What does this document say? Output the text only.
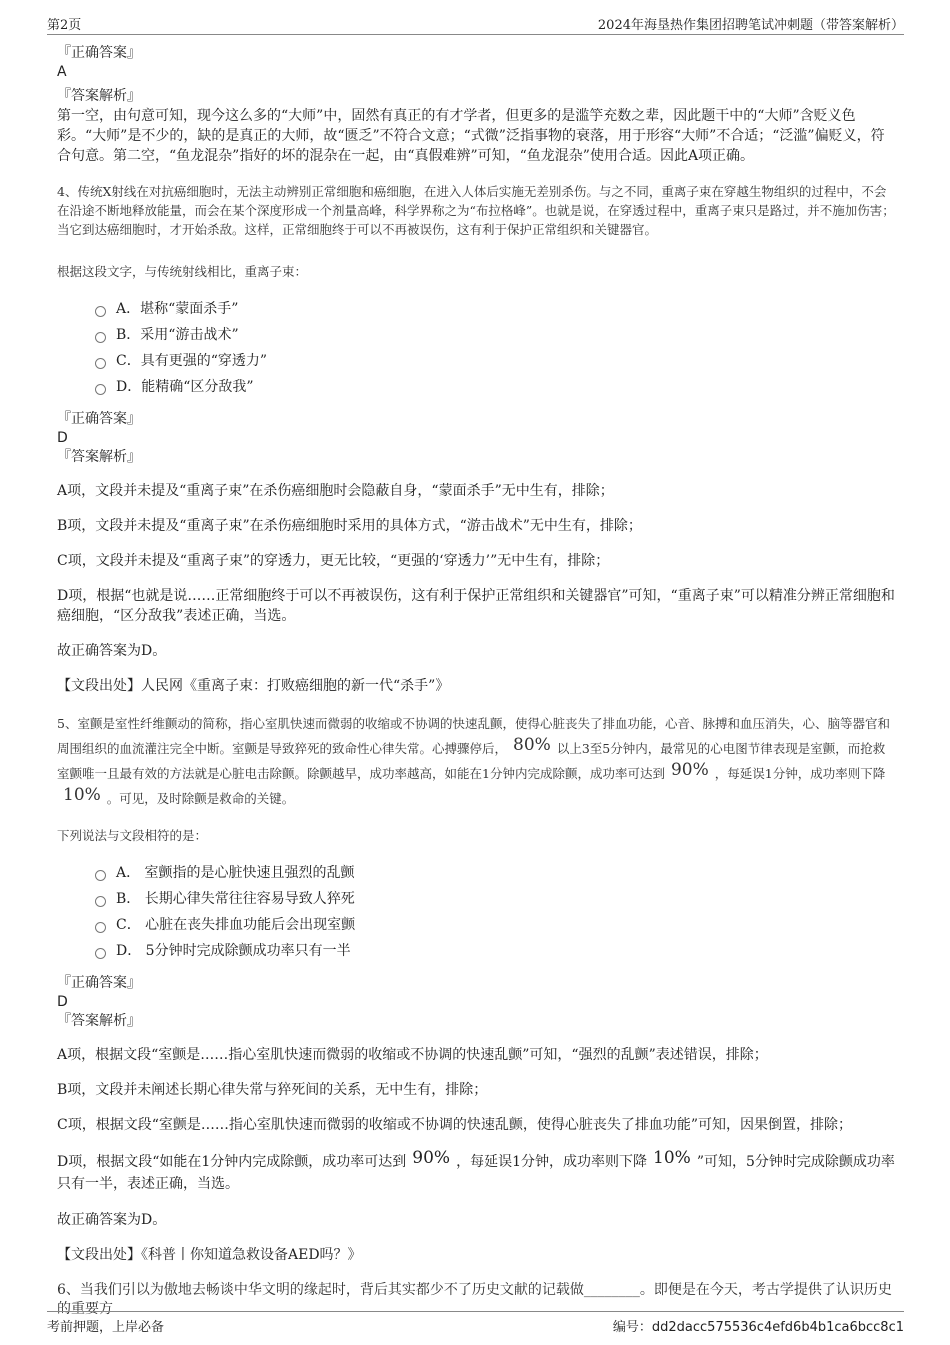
第2页	2024年海垦热作集团招聘笔试冲刺题（带答案解析）

『正确答案』

A

『答案解析』

第一空，由句意可知，现今这么多的“大师”中，固然有真正的有才学者，但更多的是滥竽充数之辈，因此题干中的“大师”含贬义色彩。“大师”是不少的，缺的是真正的大师，故“匮乏”不符合文意；“式微”泛指事物的衰落，用于形容“大师”不合适；“泛滥”偏贬义，符合句意。第二空，“鱼龙混杂”指好的坏的混杂在一起，由“真假难辨”可知，“鱼龙混杂”使用合适。因此A项正确。

4、传统X射线在对抗癌细胞时，无法主动辨别正常细胞和癌细胞，在进入人体后实施无差别杀伤。与之不同，重离子束在穿越生物组织的过程中，不会在沿途不断地释放能量，而会在某个深度形成一个剂量高峰，科学界称之为“布拉格峰”。也就是说，在穿透过程中，重离子束只是路过，并不施加伤害；当它到达癌细胞时，才开始杀敌。这样，正常细胞终于可以不再被误伤，这有利于保护正常组织和关键器官。

根据这段文字，与传统射线相比，重离子束：

A．堪称“蒙面杀手”
B．采用“游击战术”
C．具有更强的“穿透力”
D．能精确“区分敌我”

『正确答案』

D

『答案解析』

A项，文段并未提及“重离子束”在杀伤癌细胞时会隐蔽自身，“蒙面杀手”无中生有，排除；

B项，文段并未提及“重离子束”在杀伤癌细胞时采用的具体方式，“游击战术”无中生有，排除；

C项，文段并未提及“重离子束”的穿透力，更无比较，“更强的‘穿透力’”无中生有，排除；

D项，根据“也就是说……正常细胞终于可以不再被误伤，这有利于保护正常组织和关键器官”可知，“重离子束”可以精准分辨正常细胞和癌细胞，“区分敌我”表述正确，当选。

故正确答案为D。

【文段出处】人民网《重离子束：打败癌细胞的新一代“杀手”》

5、室颤是室性纤维颤动的简称，指心室肌快速而微弱的收缩或不协调的快速乱颤，使得心脏丧失了排血功能，心音、脉搏和血压消失，心、脑等器官和周围组织的血流灌注完全中断。室颤是导致猝死的致命性心律失常。心搏骤停后， 80% 以上3至5分钟内，最常见的心电图节律表现是室颤，而抢救室颤唯一且最有效的方法就是心脏电击除颤。除颤越早，成功率越高，如能在1分钟内完成除颤，成功率可达到 90% ，每延误1分钟，成功率则下降10% 。可见，及时除颤是救命的关键。

下列说法与文段相符的是：

A． 室颤指的是心脏快速且强烈的乱颤
B． 长期心律失常往往容易导致人猝死
C． 心脏在丧失排血功能后会出现室颤
D． 5分钟时完成除颤成功率只有一半

『正确答案』

D

『答案解析』

A项，根据文段“室颤是……指心室肌快速而微弱的收缩或不协调的快速乱颤”可知，“强烈的乱颤”表述错误，排除；

B项，文段并未阐述长期心律失常与猝死间的关系，无中生有，排除；

C项，根据文段“室颤是……指心室肌快速而微弱的收缩或不协调的快速乱颤，使得心脏丧失了排血功能”可知，因果倒置，排除；

D项，根据文段“如能在1分钟内完成除颤，成功率可达到 90% ，每延误1分钟，成功率则下降 10% ”可知，5分钟时完成除颤成功率只有一半，表述正确，当选。

故正确答案为D。

【文段出处】《科普丨你知道急救设备AED吗？》

6、当我们引以为傲地去畅谈中华文明的缘起时，背后其实都少不了历史文献的记载做________。即便是在今天，考古学提供了认识历史的重要方

考前押题，上岸必备	编号：dd2dacc575536c4efd6b4b1ca6bcc8c1
